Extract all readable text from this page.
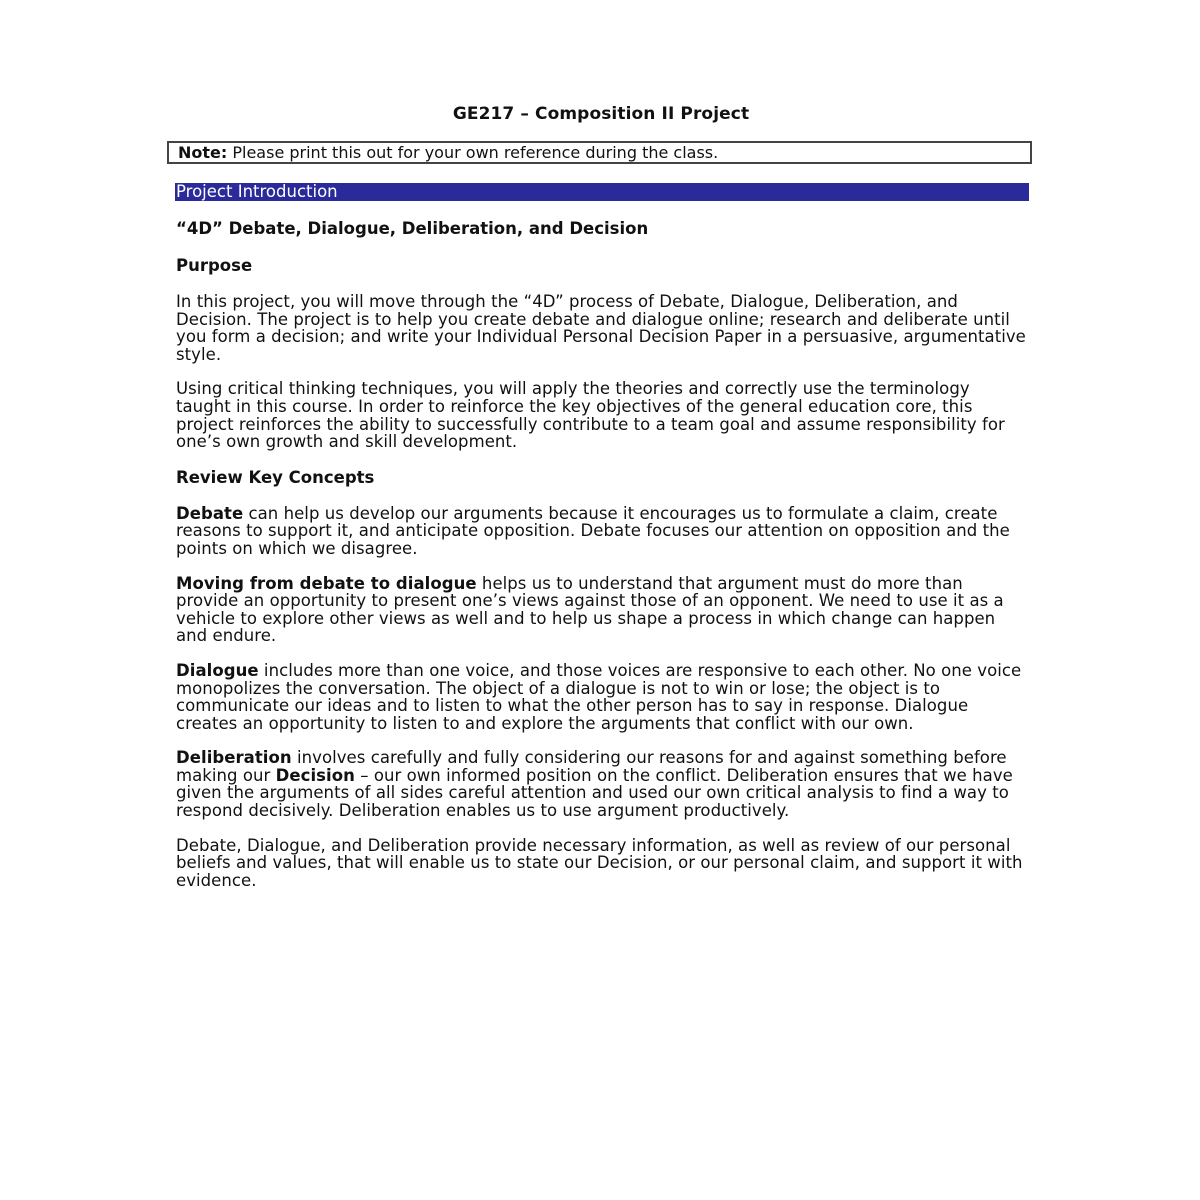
GE217 – Composition II Project
Note: Please print this out for your own reference during the class.
Project Introduction
“4D” Debate, Dialogue, Deliberation, and Decision
Purpose

In this project, you will move through the “4D” process of Debate, Dialogue, Deliberation, and Decision. The project is to help you create debate and dialogue online; research and deliberate until you form a decision; and write your Individual Personal Decision Paper in a persuasive, argumentative style.

Using critical thinking techniques, you will apply the theories and correctly use the terminology taught in this course. In order to reinforce the key objectives of the general education core, this project reinforces the ability to successfully contribute to a team goal and assume responsibility for one’s own growth and skill development.

Review Key Concepts

Debate can help us develop our arguments because it encourages us to formulate a claim, create reasons to support it, and anticipate opposition. Debate focuses our attention on opposition and the points on which we disagree.

Moving from debate to dialogue helps us to understand that argument must do more than provide an opportunity to present one’s views against those of an opponent. We need to use it as a vehicle to explore other views as well and to help us shape a process in which change can happen and endure.

Dialogue includes more than one voice, and those voices are responsive to each other. No one voice monopolizes the conversation. The object of a dialogue is not to win or lose; the object is to communicate our ideas and to listen to what the other person has to say in response. Dialogue creates an opportunity to listen to and explore the arguments that conflict with our own.

Deliberation involves carefully and fully considering our reasons for and against something before making our Decision – our own informed position on the conflict. Deliberation ensures that we have given the arguments of all sides careful attention and used our own critical analysis to find a way to respond decisively. Deliberation enables us to use argument productively.

Debate, Dialogue, and Deliberation provide necessary information, as well as review of our personal beliefs and values, that will enable us to state our Decision, or our personal claim, and support it with evidence.
